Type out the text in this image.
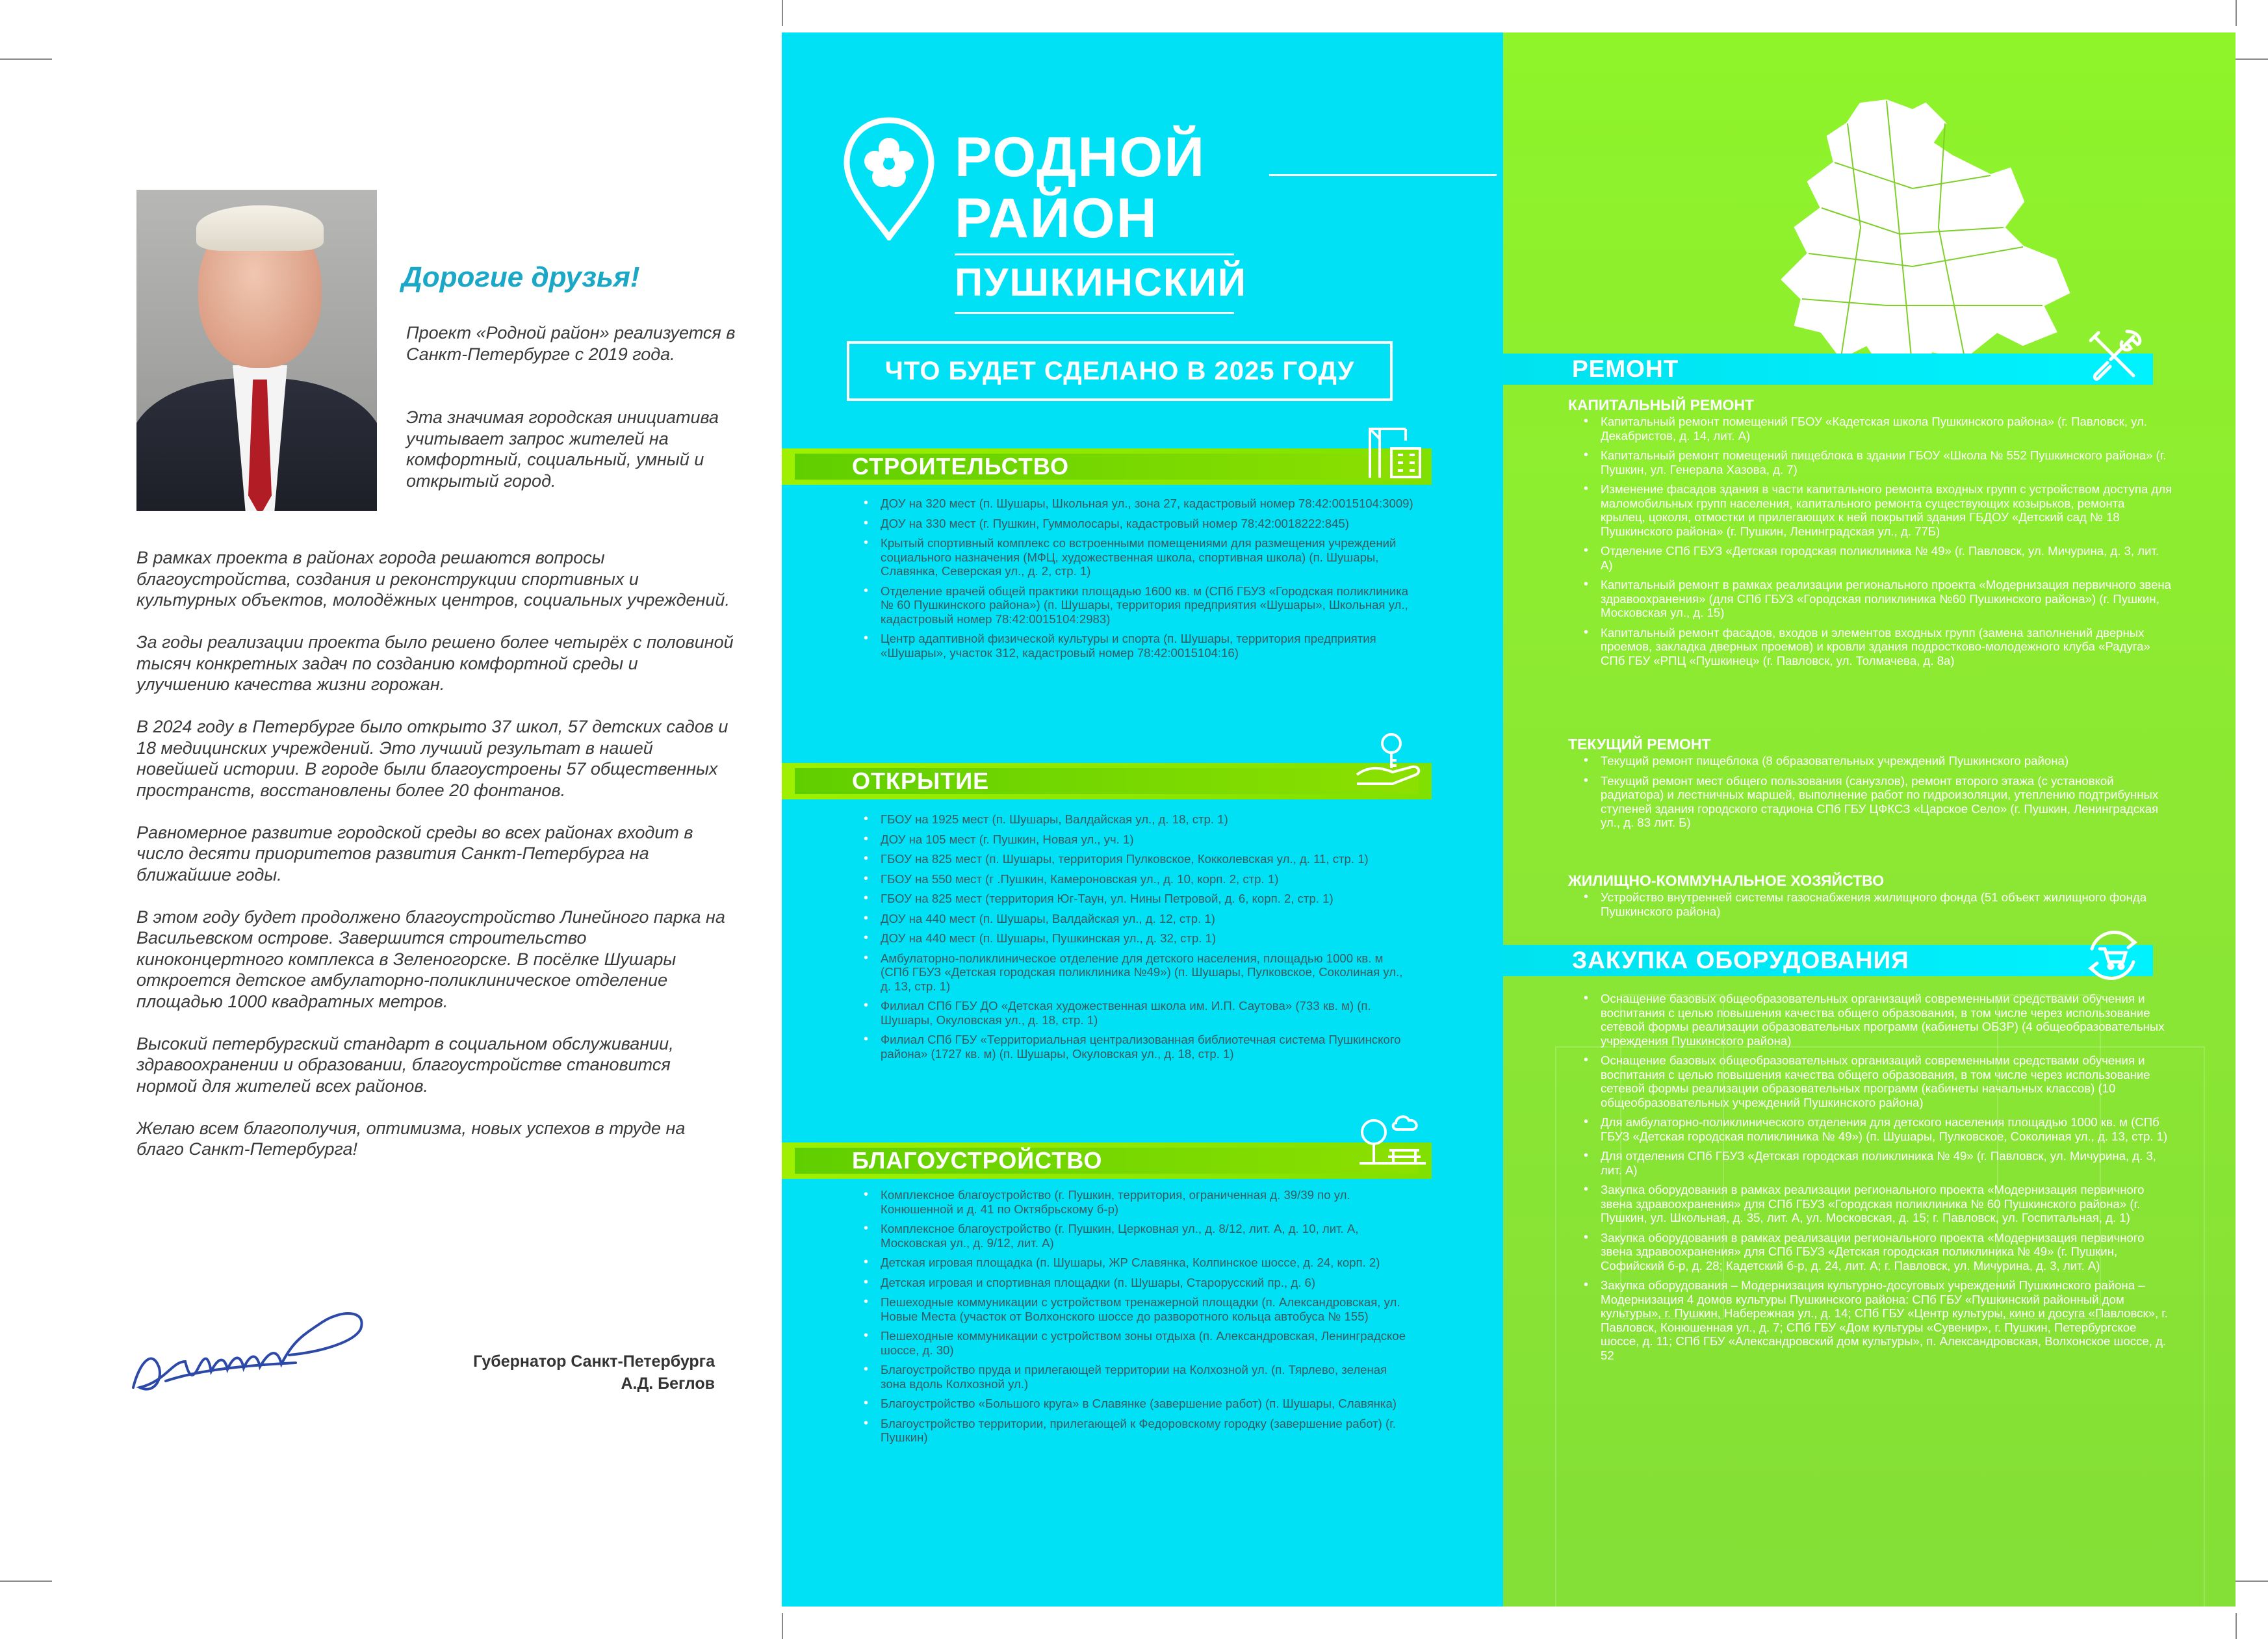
Дорогие друзья!
Проект «Родной район» реализуется в Санкт-Петербурге с 2019 года.
Эта значимая городская инициатива учитывает запрос жителей на комфортный, социальный, умный и открытый город.

В рамках проекта в районах города решаются вопросы благоустройства, создания и реконструкции спортивных и культурных объектов, молодёжных центров, социальных учреждений.

За годы реализации проекта было решено более четырёх с половиной тысяч конкретных задач по созданию комфортной среды и улучшению качества жизни горожан.

В 2024 году в Петербурге было открыто 37 школ, 57 детских садов и 18 медицинских учреждений. Это лучший результат в нашей новейшей истории. В городе были благоустроены 57 общественных пространств, восстановлены более 20 фонтанов.

Равномерное развитие городской среды во всех районах входит в число десяти приоритетов развития Санкт-Петербурга на ближайшие годы.

В этом году будет продолжено благоустройство Линейного парка на Васильевском острове. Завершится строительство киноконцертного комплекса в Зеленогорске. В посёлке Шушары откроется детское амбулаторно-поликлиническое отделение площадью 1000 квадратных метров.

Высокий петербургский стандарт в социальном обслуживании, здравоохранении и образовании, благоустройстве становится нормой для жителей всех районов.

Желаю всем благополучия, оптимизма, новых успехов в труде на благо Санкт-Петербурга!

Губернатор Санкт-Петербурга
А.Д. Беглов
РОДНОЙ
РАЙОН
ПУШКИНСКИЙ
ЧТО БУДЕТ СДЕЛАНО В 2025 ГОДУ
СТРОИТЕЛЬСТВО
• ДОУ на 320 мест (п. Шушары, Школьная ул., зона 27, кадастровый номер 78:42:0015104:3009)
• ДОУ на 330 мест (г. Пушкин, Гуммолосары, кадастровый номер 78:42:0018222:845)
• Крытый спортивный комплекс со встроенными помещениями для размещения учреждений социального назначения (МФЦ, художественная школа, спортивная школа) (п. Шушары, Славянка, Северская ул., д. 2, стр. 1)
• Отделение врачей общей практики площадью 1600 кв. м (СПб ГБУЗ «Городская поликлиника № 60 Пушкинского района») (п. Шушары, территория предприятия «Шушары», Школьная ул., кадастровый номер 78:42:0015104:2983)
• Центр адаптивной физической культуры и спорта (п. Шушары, территория предприятия «Шушары», участок 312, кадастровый номер 78:42:0015104:16)
ОТКРЫТИЕ
• ГБОУ на 1925 мест (п. Шушары, Валдайская ул., д. 18, стр. 1)
• ДОУ на 105 мест (г. Пушкин, Новая ул., уч. 1)
• ГБОУ на 825 мест (п. Шушары, территория Пулковское, Кокколевская ул., д. 11, стр. 1)
• ГБОУ на 550 мест (г .Пушкин, Камероновская ул., д. 10, корп. 2, стр. 1)
• ГБОУ на 825 мест (территория Юг-Таун, ул. Нины Петровой, д. 6, корп. 2, стр. 1)
• ДОУ на 440 мест (п. Шушары, Валдайская ул., д. 12, стр. 1)
• ДОУ на 440 мест (п. Шушары, Пушкинская ул., д. 32, стр. 1)
• Амбулаторно-поликлиническое отделение для детского населения, площадью 1000 кв. м (СПб ГБУЗ «Детская городская поликлиника №49») (п. Шушары, Пулковское, Соколиная ул., д. 13, стр. 1)
• Филиал СПб ГБУ ДО «Детская художественная школа им. И.П. Саутова» (733 кв. м) (п. Шушары, Окуловская ул., д. 18, стр. 1)
• Филиал СПб ГБУ «Территориальная централизованная библиотечная система Пушкинского района» (1727 кв. м) (п. Шушары, Окуловская ул., д. 18, стр. 1)
БЛАГОУСТРОЙСТВО
• Комплексное благоустройство (г. Пушкин, территория, ограниченная д. 39/39 по ул. Конюшенной и д. 41 по Октябрьскому б-р)
• Комплексное благоустройство (г. Пушкин, Церковная ул., д. 8/12, лит. А, д. 10, лит. А, Московская ул., д. 9/12, лит. А)
• Детская игровая площадка (п. Шушары, ЖР Славянка, Колпинское шоссе, д. 24, корп. 2)
• Детская игровая и спортивная площадки (п. Шушары, Старорусский пр., д. 6)
• Пешеходные коммуникации с устройством тренажерной площадки (п. Александровская, ул. Новые Места (участок от Волхонского шоссе до разворотного кольца автобуса № 155)
• Пешеходные коммуникации с устройством зоны отдыха (п. Александровская, Ленинградское шоссе, д. 30)
• Благоустройство пруда и прилегающей территории на Колхозной ул. (п. Тярлево, зеленая зона вдоль Колхозной ул.)
• Благоустройство «Большого круга» в Славянке (завершение работ) (п. Шушары, Славянка)
• Благоустройство территории, прилегающей к Федоровскому городку (завершение работ) (г. Пушкин)
РЕМОНТ
КАПИТАЛЬНЫЙ РЕМОНТ
• Капитальный ремонт помещений ГБОУ «Кадетская школа Пушкинского района» (г. Павловск, ул. Декабристов, д. 14, лит. А)
• Капитальный ремонт помещений пищеблока в здании ГБОУ «Школа № 552 Пушкинского района» (г. Пушкин, ул. Генерала Хазова, д. 7)
• Изменение фасадов здания в части капитального ремонта входных групп с устройством доступа для маломобильных групп населения, капитального ремонта существующих козырьков, ремонта крылец, цоколя, отмостки и прилегающих к ней покрытий здания ГБДОУ «Детский сад № 18 Пушкинского района» (г. Пушкин, Ленинградская ул., д. 77Б)
• Отделение СПб ГБУЗ «Детская городская поликлиника № 49» (г. Павловск, ул. Мичурина, д. 3, лит. А)
• Капитальный ремонт в рамках реализации регионального проекта «Модернизация первичного звена здравоохранения» (для СПб ГБУЗ «Городская поликлиника №60 Пушкинского района») (г. Пушкин, Московская ул., д. 15)
• Капитальный ремонт фасадов, входов и элементов входных групп (замена заполнений дверных проемов, закладка дверных проемов) и кровли здания подростково-молодежного клуба «Радуга» СПб ГБУ «РПЦ «Пушкинец» (г. Павловск, ул. Толмачева, д. 8а)
ТЕКУЩИЙ РЕМОНТ
• Текущий ремонт пищеблока (8 образовательных учреждений Пушкинского района)
• Текущий ремонт мест общего пользования (санузлов), ремонт второго этажа (с установкой радиатора) и лестничных маршей, выполнение работ по гидроизоляции, утеплению подтрибунных ступеней здания городского стадиона СПб ГБУ ЦФКСЗ «Царское Село» (г. Пушкин, Ленинградская ул., д. 83 лит. Б)
ЖИЛИЩНО-КОММУНАЛЬНОЕ ХОЗЯЙСТВО
• Устройство внутренней системы газоснабжения жилищного фонда (51 объект жилищного фонда Пушкинского района)
ЗАКУПКА ОБОРУДОВАНИЯ
• Оснащение базовых общеобразовательных организаций современными средствами обучения и воспитания с целью повышения качества общего образования, в том числе через использование сетевой формы реализации образовательных программ (кабинеты ОБЗР) (4 общеобразовательных учреждения Пушкинского района)
• Оснащение базовых общеобразовательных организаций современными средствами обучения и воспитания с целью повышения качества общего образования, в том числе через использование сетевой формы реализации образовательных программ (кабинеты начальных классов) (10 общеобразовательных учреждений Пушкинского района)
• Для амбулаторно-поликлинического отделения для детского населения площадью 1000 кв. м (СПб ГБУЗ «Детская городская поликлиника № 49») (п. Шушары, Пулковское, Соколиная ул., д. 13, стр. 1)
• Для отделения СПб ГБУЗ «Детская городская поликлиника № 49» (г. Павловск, ул. Мичурина, д. 3, лит. А)
• Закупка оборудования в рамках реализации регионального проекта «Модернизация первичного звена здравоохранения» для СПб ГБУЗ «Городская поликлиника № 60 Пушкинского района» (г. Пушкин, ул. Школьная, д. 35, лит. А, ул. Московская, д. 15; г. Павловск, ул. Госпитальная, д. 1)
• Закупка оборудования в рамках реализации регионального проекта «Модернизация первичного звена здравоохранения» для СПб ГБУЗ «Детская городская поликлиника № 49» (г. Пушкин, Софийский б-р, д. 28; Кадетский б-р, д. 24, лит. А; г. Павловск, ул. Мичурина, д. 3, лит. А)
• Закупка оборудования – Модернизация культурно-досуговых учреждений Пушкинского района – Модернизация 4 домов культуры Пушкинского района: СПб ГБУ «Пушкинский районный дом культуры», г. Пушкин, Набережная ул., д. 14; СПб ГБУ «Центр культуры, кино и досуга «Павловск», г. Павловск, Конюшенная ул., д. 7; СПб ГБУ «Дом культуры «Сувенир», г. Пушкин, Петербургское шоссе, д. 11; СПб ГБУ «Александровский дом культуры», п. Александровская, Волхонское шоссе, д. 52
